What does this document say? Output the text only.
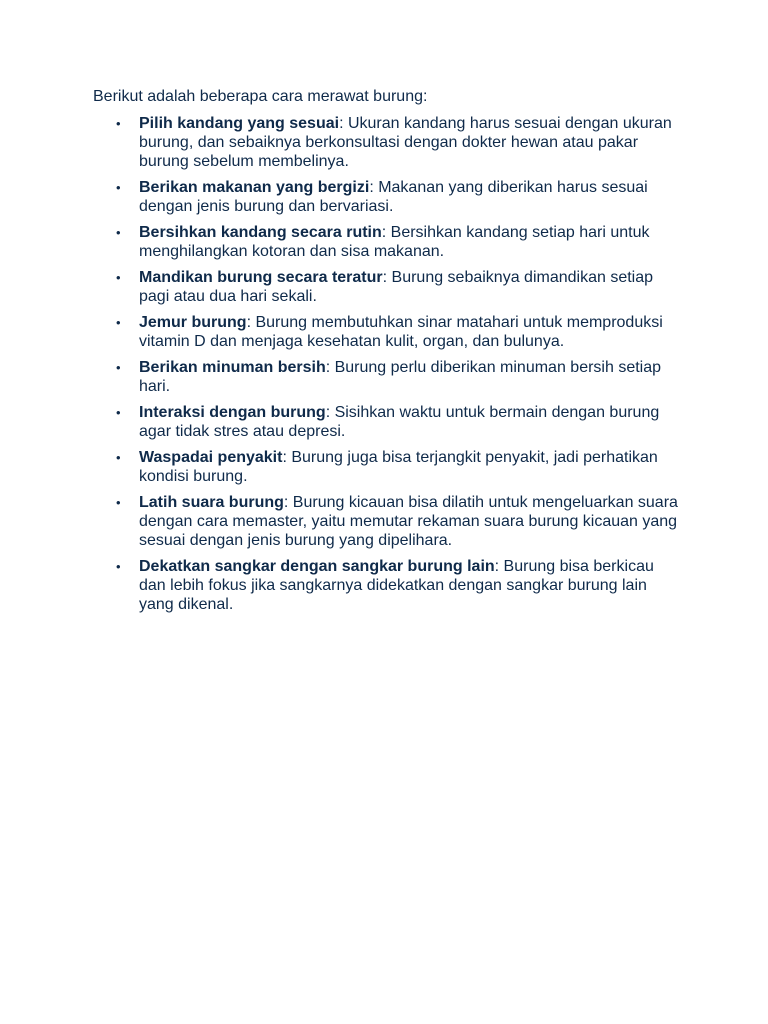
Berikut adalah beberapa cara merawat burung:

• Pilih kandang yang sesuai: Ukuran kandang harus sesuai dengan ukuran burung, dan sebaiknya berkonsultasi dengan dokter hewan atau pakar burung sebelum membelinya.
• Berikan makanan yang bergizi: Makanan yang diberikan harus sesuai dengan jenis burung dan bervariasi.
• Bersihkan kandang secara rutin: Bersihkan kandang setiap hari untuk menghilangkan kotoran dan sisa makanan.
• Mandikan burung secara teratur: Burung sebaiknya dimandikan setiap pagi atau dua hari sekali.
• Jemur burung: Burung membutuhkan sinar matahari untuk memproduksi vitamin D dan menjaga kesehatan kulit, organ, dan bulunya.
• Berikan minuman bersih: Burung perlu diberikan minuman bersih setiap hari.
• Interaksi dengan burung: Sisihkan waktu untuk bermain dengan burung agar tidak stres atau depresi.
• Waspadai penyakit: Burung juga bisa terjangkit penyakit, jadi perhatikan kondisi burung.
• Latih suara burung: Burung kicauan bisa dilatih untuk mengeluarkan suara dengan cara memaster, yaitu memutar rekaman suara burung kicauan yang sesuai dengan jenis burung yang dipelihara.
• Dekatkan sangkar dengan sangkar burung lain: Burung bisa berkicau dan lebih fokus jika sangkarnya didekatkan dengan sangkar burung lain yang dikenal.
